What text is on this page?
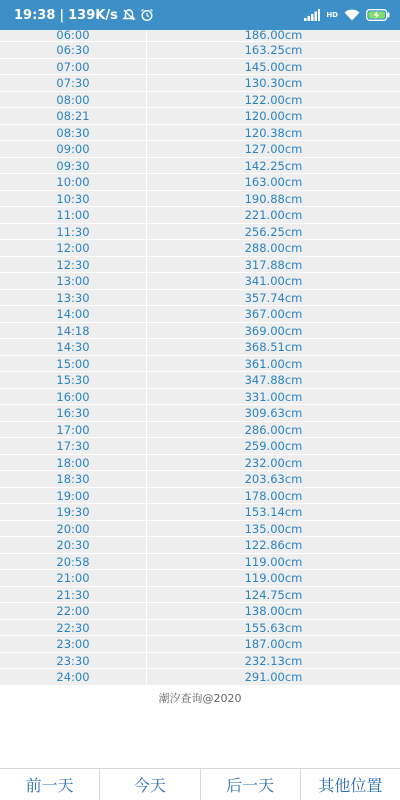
19:38 | 139K/s	HD
06:00	186.00cm
06:30	163.25cm
07:00	145.00cm
07:30	130.30cm
08:00	122.00cm
08:21	120.00cm
08:30	120.38cm
09:00	127.00cm
09:30	142.25cm
10:00	163.00cm
10:30	190.88cm
11:00	221.00cm
11:30	256.25cm
12:00	288.00cm
12:30	317.88cm
13:00	341.00cm
13:30	357.74cm
14:00	367.00cm
14:18	369.00cm
14:30	368.51cm
15:00	361.00cm
15:30	347.88cm
16:00	331.00cm
16:30	309.63cm
17:00	286.00cm
17:30	259.00cm
18:00	232.00cm
18:30	203.63cm
19:00	178.00cm
19:30	153.14cm
20:00	135.00cm
20:30	122.86cm
20:58	119.00cm
21:00	119.00cm
21:30	124.75cm
22:00	138.00cm
22:30	155.63cm
23:00	187.00cm
23:30	232.13cm
24:00	291.00cm
潮汐查询@2020
前一天	今天	后一天	其他位置
